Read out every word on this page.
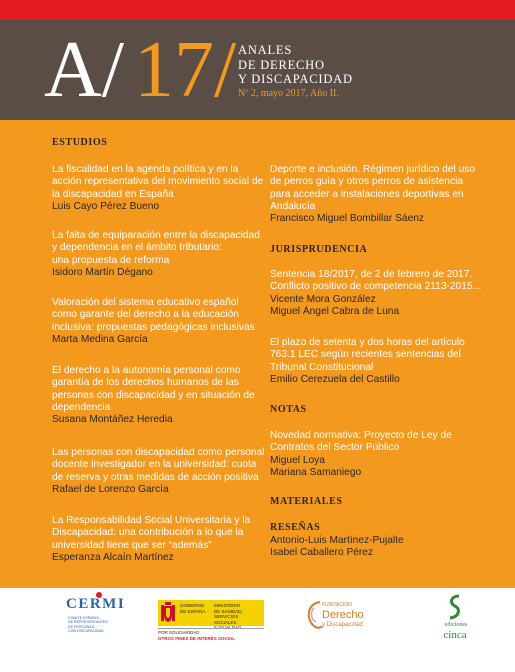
A/ 17/ ANALES
DE DERECHO
Y DISCAPACIDAD
Nº 2, mayo 2017, Año II.
ESTUDIOS
La fiscalidad en la agenda política y en la
acción representativa del movimiento social de
la discapacidad en España
Luis Cayo Pérez Bueno
La falta de equiparación entre la discapacidad
y dependencia en el ámbito tributario:
una propuesta de reforma
Isidoro Martín Dégano
Valoración del sistema educativo español
como garante del derecho a la educación
inclusiva: propuestas pedagógicas inclusivas
Marta Medina García
El derecho a la autonomía personal como
garantía de los derechos humanos de las
personas con discapacidad y en situación de
dependencia
Susana Montáñez Heredia
Las personas con discapacidad como personal
docente investigador en la universidad: cuota
de reserva y otras medidas de acción positiva
Rafael de Lorenzo García
La Responsabilidad Social Universitaria y la
Discapacidad: una contribución a lo que la
universidad tiene que ser “además”
Esperanza Alcaín Martínez
Deporte e inclusión. Régimen jurídico del uso
de perros guía y otros perros de asistencia
para acceder a instalaciones deportivas en
Andalucía
Francisco Miguel Bombillar Sáenz
JURISPRUDENCIA
Sentencia 18/2017, de 2 de febrero de 2017.
Conflicto positivo de competencia 2113-2015...
Vicente Mora González
Miguel Ángel Cabra de Luna
El plazo de setenta y dos horas del artículo
763.1 LEC según recientes sentencias del
Tribunal Constitucional
Emilio Cerezuela del Castillo
NOTAS
Novedad normativa: Proyecto de Ley de
Contratos del Sector Público
Miguel Loya
Mariana Samaniego
MATERIALES
RESEÑAS
Antonio-Luis Martínez-Pujalte
Isabel Caballero Pérez
CERMI
COMITÉ ESPAÑOL
DE REPRESENTANTES
DE PERSONAS
CON DISCAPACIDAD
GOBIERNO
DE ESPAÑA
MINISTERIO
DE SANIDAD, SERVICIOS SOCIALES
E IGUALDAD
POR SOLIDARIDAD
OTROS FINES DE INTERÉS SOCIAL
FUNDACIÓN
Derecho
y Discapacidad	ediciones
cinca
